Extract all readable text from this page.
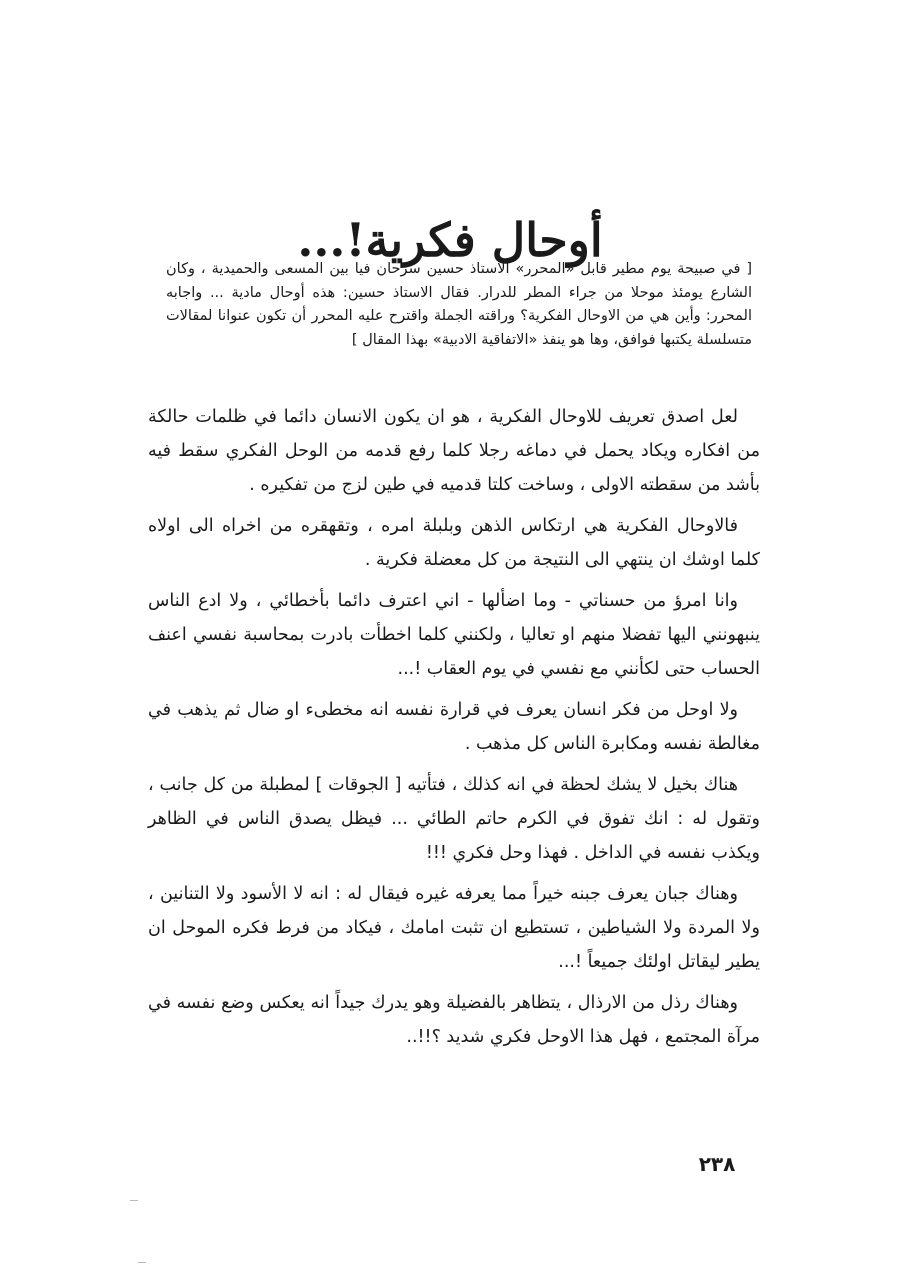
أوحال فكرية!...
[ في صبيحة يوم مطير قابل «المحرر» الاستاذ حسين سرحان فيا بين المسعى والحميدية ، وكان الشارع يومئذ موحلا من جراء المطر للدرار. فقال الاستاذ حسين: هذه أوحال مادية ... واجابه المحرر: وأين هي من الاوحال الفكرية؟ وراقته الجملة واقترح عليه المحرر أن تكون عنوانا لمقالات متسلسلة يكتبها فوافق، وها هو ينفذ «الاتفاقية الادبية» بهذا المقال ]

لعل اصدق تعريف للاوحال الفكرية ، هو ان يكون الانسان دائما في ظلمات حالكة من افكاره ويكاد يحمل في دماغه رجلا كلما رفع قدمه من الوحل الفكري سقط فيه بأشد من سقطته الاولى ، وساخت كلتا قدميه في طين لزج من تفكيره .

فالاوحال الفكرية هي ارتكاس الذهن وبلبلة امره ، وتقهقره من اخراه الى اولاه كلما اوشك ان ينتهي الى النتيجة من كل معضلة فكرية .

وانا امرؤ من حسناتي - وما اضألها - اني اعترف دائما بأخطائي ، ولا ادع الناس ينبهونني اليها تفضلا منهم او تعاليا ، ولكنني كلما اخطأت بادرت بمحاسبة نفسي اعنف الحساب حتى لكأنني مع نفسي في يوم العقاب !...

ولا اوحل من فكر انسان يعرف في قرارة نفسه انه مخطىء او ضال ثم يذهب في مغالطة نفسه ومكابرة الناس كل مذهب .

هناك بخيل لا يشك لحظة في انه كذلك ، فتأتيه [ الجوقات ] لمطبلة من كل جانب ، وتقول له : انك تفوق في الكرم حاتم الطائي ... فيظل يصدق الناس في الظاهر ويكذب نفسه في الداخل . فهذا وحل فكري !!!

وهناك جبان يعرف جبنه خيراً مما يعرفه غيره فيقال له : انه لا الأسود ولا التنانين ، ولا المردة ولا الشياطين ، تستطيع ان تثبت امامك ، فيكاد من فرط فكره الموحل ان يطير ليقاتل اولئك جميعاً !...

وهناك رذل من الارذال ، يتظاهر بالفضيلة وهو يدرك جيداً انه يعكس وضع نفسه في مرآة المجتمع ، فهل هذا الاوحل فكري شديد ؟!!..

٢٣٨
